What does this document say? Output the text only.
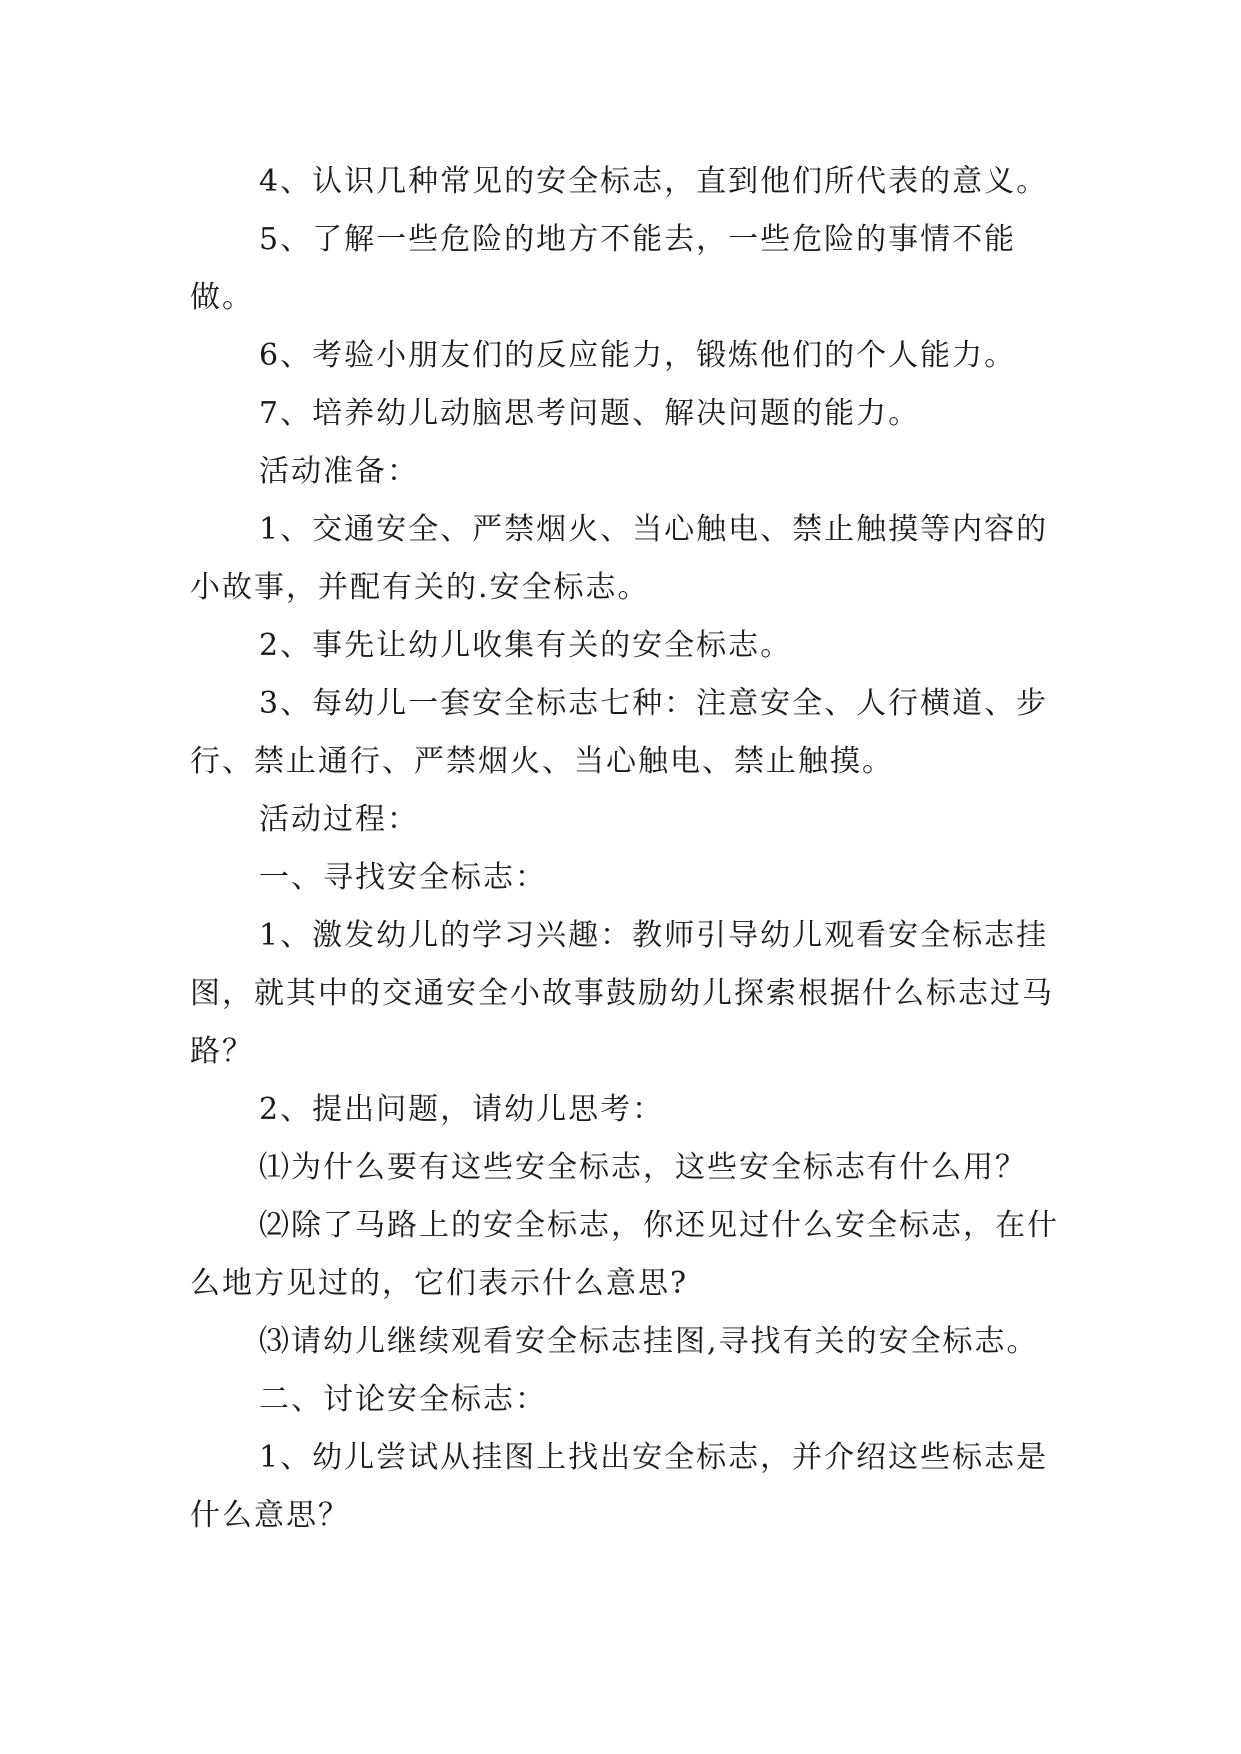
4、认识几种常见的安全标志，直到他们所代表的意义。

5、了解一些危险的地方不能去，一些危险的事情不能做。

6、考验小朋友们的反应能力，锻炼他们的个人能力。

7、培养幼儿动脑思考问题、解决问题的能力。

活动准备：

1、交通安全、严禁烟火、当心触电、禁止触摸等内容的小故事，并配有关的.安全标志。

2、事先让幼儿收集有关的安全标志。

3、每幼儿一套安全标志七种：注意安全、人行横道、步行、禁止通行、严禁烟火、当心触电、禁止触摸。

活动过程：

一、寻找安全标志：

1、激发幼儿的学习兴趣：教师引导幼儿观看安全标志挂图，就其中的交通安全小故事鼓励幼儿探索根据什么标志过马路？

2、提出问题，请幼儿思考：

⑴为什么要有这些安全标志，这些安全标志有什么用？

⑵除了马路上的安全标志，你还见过什么安全标志，在什么地方见过的，它们表示什么意思?

⑶请幼儿继续观看安全标志挂图,寻找有关的安全标志。

二、讨论安全标志：

1、幼儿尝试从挂图上找出安全标志，并介绍这些标志是什么意思？
